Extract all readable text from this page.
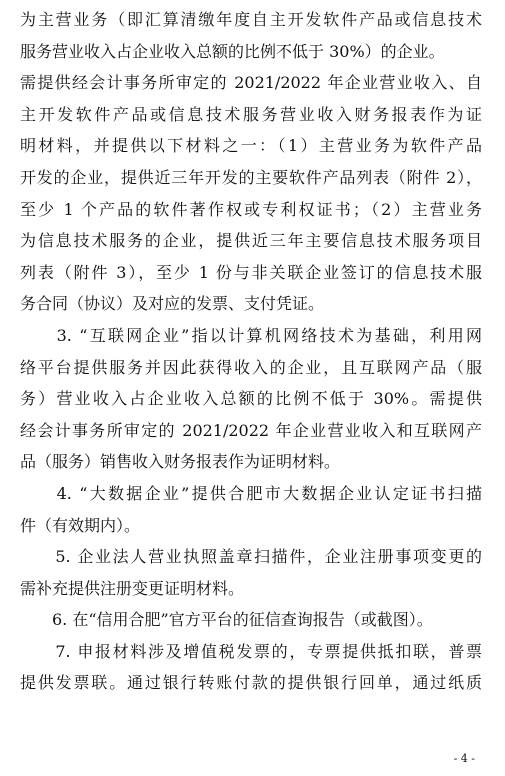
为主营业务（即汇算清缴年度自主开发软件产品或信息技术
服务营业收入占企业收入总额的比例不低于 30%）的企业。
需提供经会计事务所审定的 2021/2022 年企业营业收入、自
主开发软件产品或信息技术服务营业收入财务报表作为证
明材料，并提供以下材料之一：（1）主营业务为软件产品
开发的企业，提供近三年开发的主要软件产品列表（附件 2），
至少 1 个产品的软件著作权或专利权证书；（2）主营业务
为信息技术服务的企业，提供近三年主要信息技术服务项目
列表（附件 3），至少 1 份与非关联企业签订的信息技术服
务合同（协议）及对应的发票、支付凭证。
　　3. “互联网企业”指以计算机网络技术为基础，利用网
络平台提供服务并因此获得收入的企业，且互联网产品（服
务）营业收入占企业收入总额的比例不低于 30%。需提供
经会计事务所审定的 2021/2022 年企业营业收入和互联网产
品（服务）销售收入财务报表作为证明材料。
　　4. “大数据企业”提供合肥市大数据企业认定证书扫描
件（有效期内）。
　　5. 企业法人营业执照盖章扫描件，企业注册事项变更的
需补充提供注册变更证明材料。
　　6. 在“信用合肥”官方平台的征信查询报告（或截图）。
　　7. 申报材料涉及增值税发票的，专票提供抵扣联，普票
提供发票联。通过银行转账付款的提供银行回单，通过纸质
- 4 -
